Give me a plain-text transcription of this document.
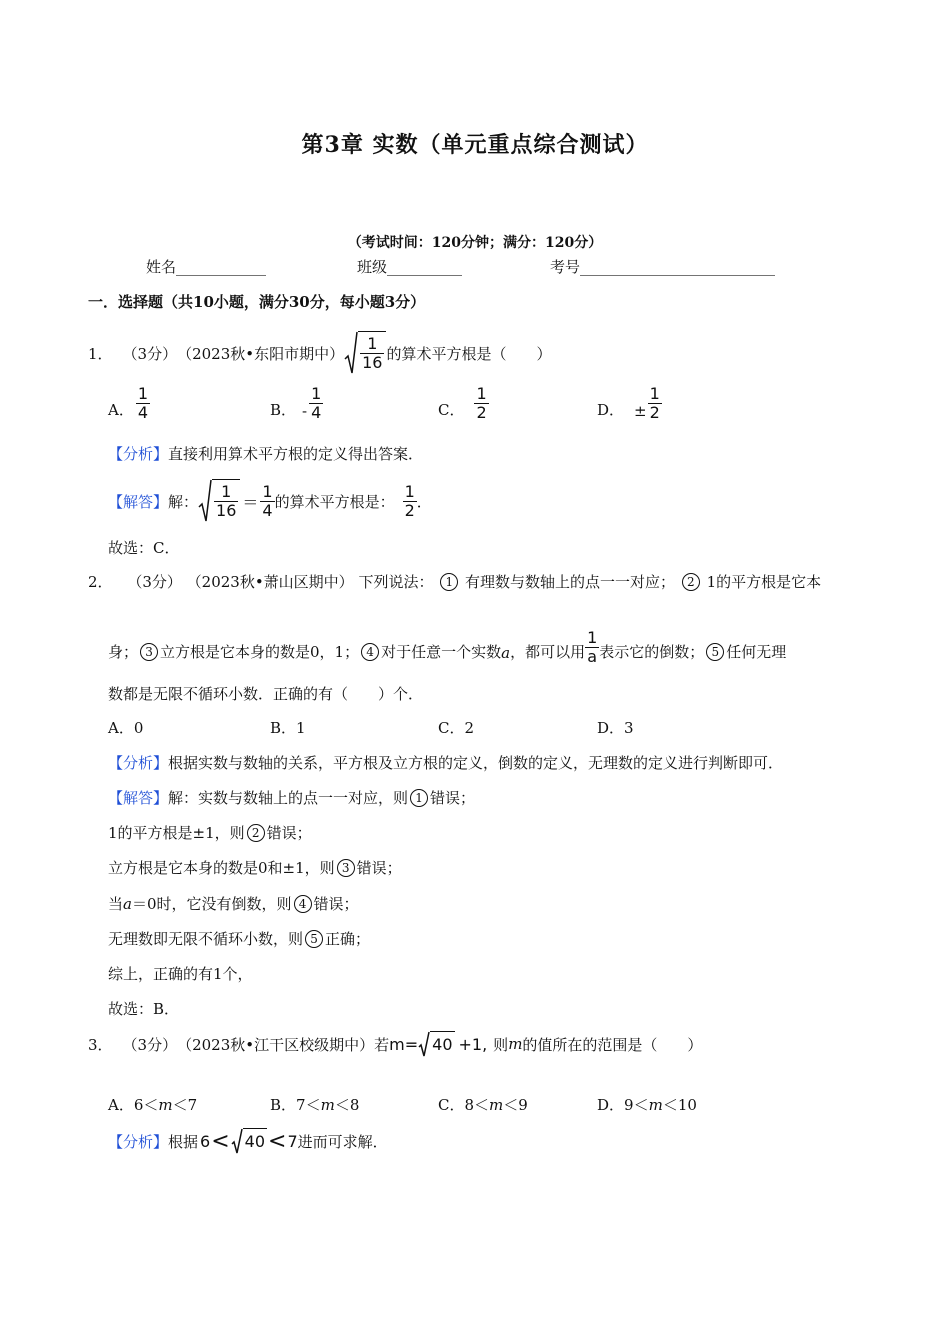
第3章 实数（单元重点综合测试）
（考试时间：120分钟；满分：120分）
姓名____________	班级__________	考号__________________________
一．选择题（共10小题，满分30分，每小题3分）
1． （3分） （2023秋•东阳市期中） $\frac{1}{16}$ 的算术平方根是（　　）
A． $\frac{1}{4}$	B． - $\frac{1}{4}$	C． $\frac{1}{2}$	D． ± $\frac{1}{2}$
【分析】直接利用算术平方根的定义得出答案．
【解答】 解： $\frac{1}{16} = \frac{1}{4}$ 的算术平方根是： $\frac{1}{2}$ ．
故选：C．
2． （3分） （2023秋•萧山区期中） 下列说法： 1 有理数与数轴上的点一一对应； 2 1的平方根是它本
身； 3 立方根是它本身的数是0，1； 4 对于任意一个实数 a ，都可以用 $\frac{1}{a}$ 表示它的倒数； 5 任何无理
数都是无限不循环小数．正确的有（　　）个．
A．0	B．1	C．2	D．3
【分析】根据实数与数轴的关系，平方根及立方根的定义，倒数的定义，无理数的定义进行判断即可．
【解答】解：实数与数轴上的点一一对应，则 1 错误；
1的平方根是±1，则 2 错误；
立方根是它本身的数是0和±1，则 3 错误；
当a＝0时，它没有倒数，则 4 错误；
无理数即无限不循环小数，则 5 正确；
综上，正确的有1个，
故选：B．
3． （3分） （2023秋•江干区校级期中） 若 m= 40 +1, 则 m 的值所在的范围是（　　）
A．6＜m＜7	B．7＜m＜8	C．8＜m＜9	D．9＜m＜10
【分析】 根据 6 < 40 < 7 进而可求解．
